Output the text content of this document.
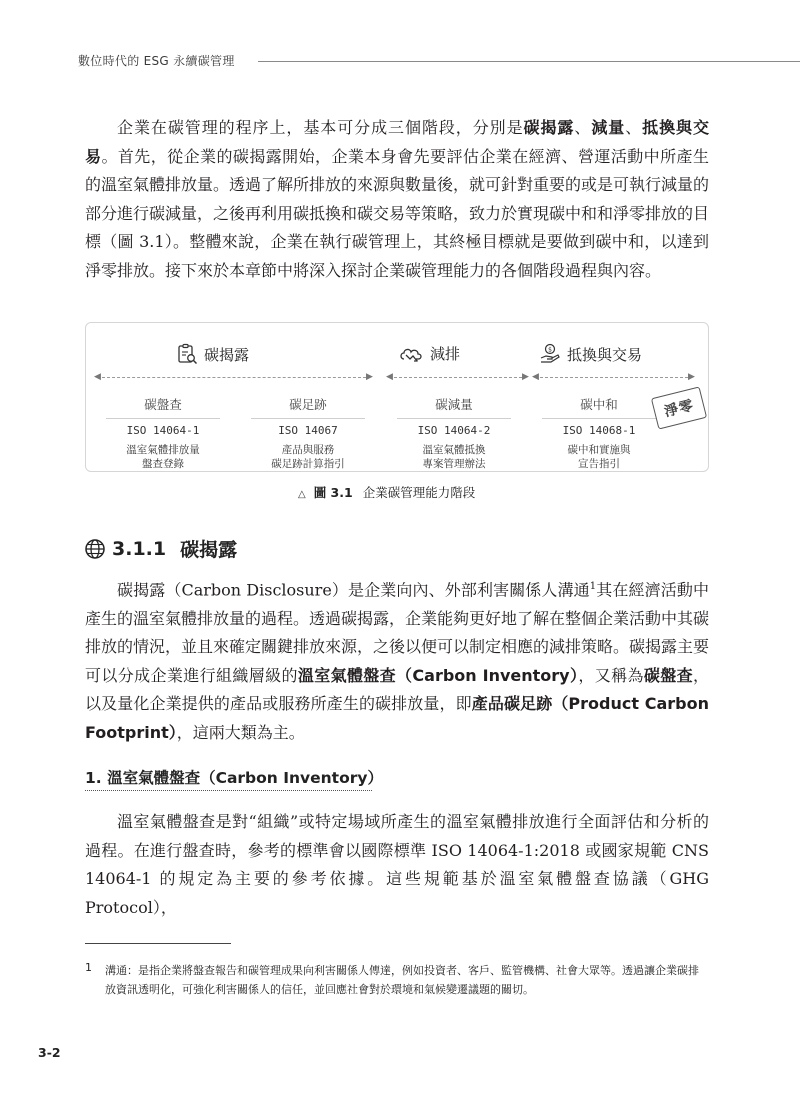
數位時代的 ESG 永續碳管理

企業在碳管理的程序上，基本可分成三個階段，分別是碳揭露、減量、抵換與交易。首先，從企業的碳揭露開始，企業本身會先要評估企業在經濟、營運活動中所產生的溫室氣體排放量。透過了解所排放的來源與數量後，就可針對重要的或是可執行減量的部分進行碳減量，之後再利用碳抵換和碳交易等策略，致力於實現碳中和和淨零排放的目標（圖 3.1）。整體來說，企業在執行碳管理上，其終極目標就是要做到碳中和，以達到淨零排放。接下來於本章節中將深入探討企業碳管理能力的各個階段過程與內容。

碳揭露	減排	$ 抵換與交易
◀	▶ ◀	▶ ◀	▶
碳盤查
ISO 14064-1
溫室氣體排放量
盤查登錄
碳足跡
ISO 14067
產品與服務
碳足跡計算指引
碳減量
ISO 14064-2
溫室氣體抵換
專案管理辦法
碳中和
ISO 14068-1
碳中和實施與
宣告指引
淨零
△ 圖 3.1 企業碳管理能力階段
3.1.1 碳揭露

碳揭露（Carbon Disclosure）是企業向內、外部利害關係人溝通$^1$其在經濟活動中產生的溫室氣體排放量的過程。透過碳揭露，企業能夠更好地了解在整個企業活動中其碳排放的情況，並且來確定關鍵排放來源，之後以便可以制定相應的減排策略。碳揭露主要可以分成企業進行組織層級的溫室氣體盤查（Carbon Inventory），又稱為碳盤查，以及量化企業提供的產品或服務所產生的碳排放量，即產品碳足跡（Product Carbon Footprint），這兩大類為主。

1. 溫室氣體盤查（Carbon Inventory）

溫室氣體盤查是對“組織”或特定場域所產生的溫室氣體排放進行全面評估和分析的過程。在進行盤查時，參考的標準會以國際標準 ISO 14064-1:2018 或國家規範 CNS 14064-1 的規定為主要的參考依據。這些規範基於溫室氣體盤查協議（GHG Protocol），

1 溝通：是指企業將盤查報告和碳管理成果向利害關係人傳達，例如投資者、客戶、監管機構、社會大眾等。透過讓企業碳排放資訊透明化，可強化利害關係人的信任，並回應社會對於環境和氣候變遷議題的關切。

3-2
